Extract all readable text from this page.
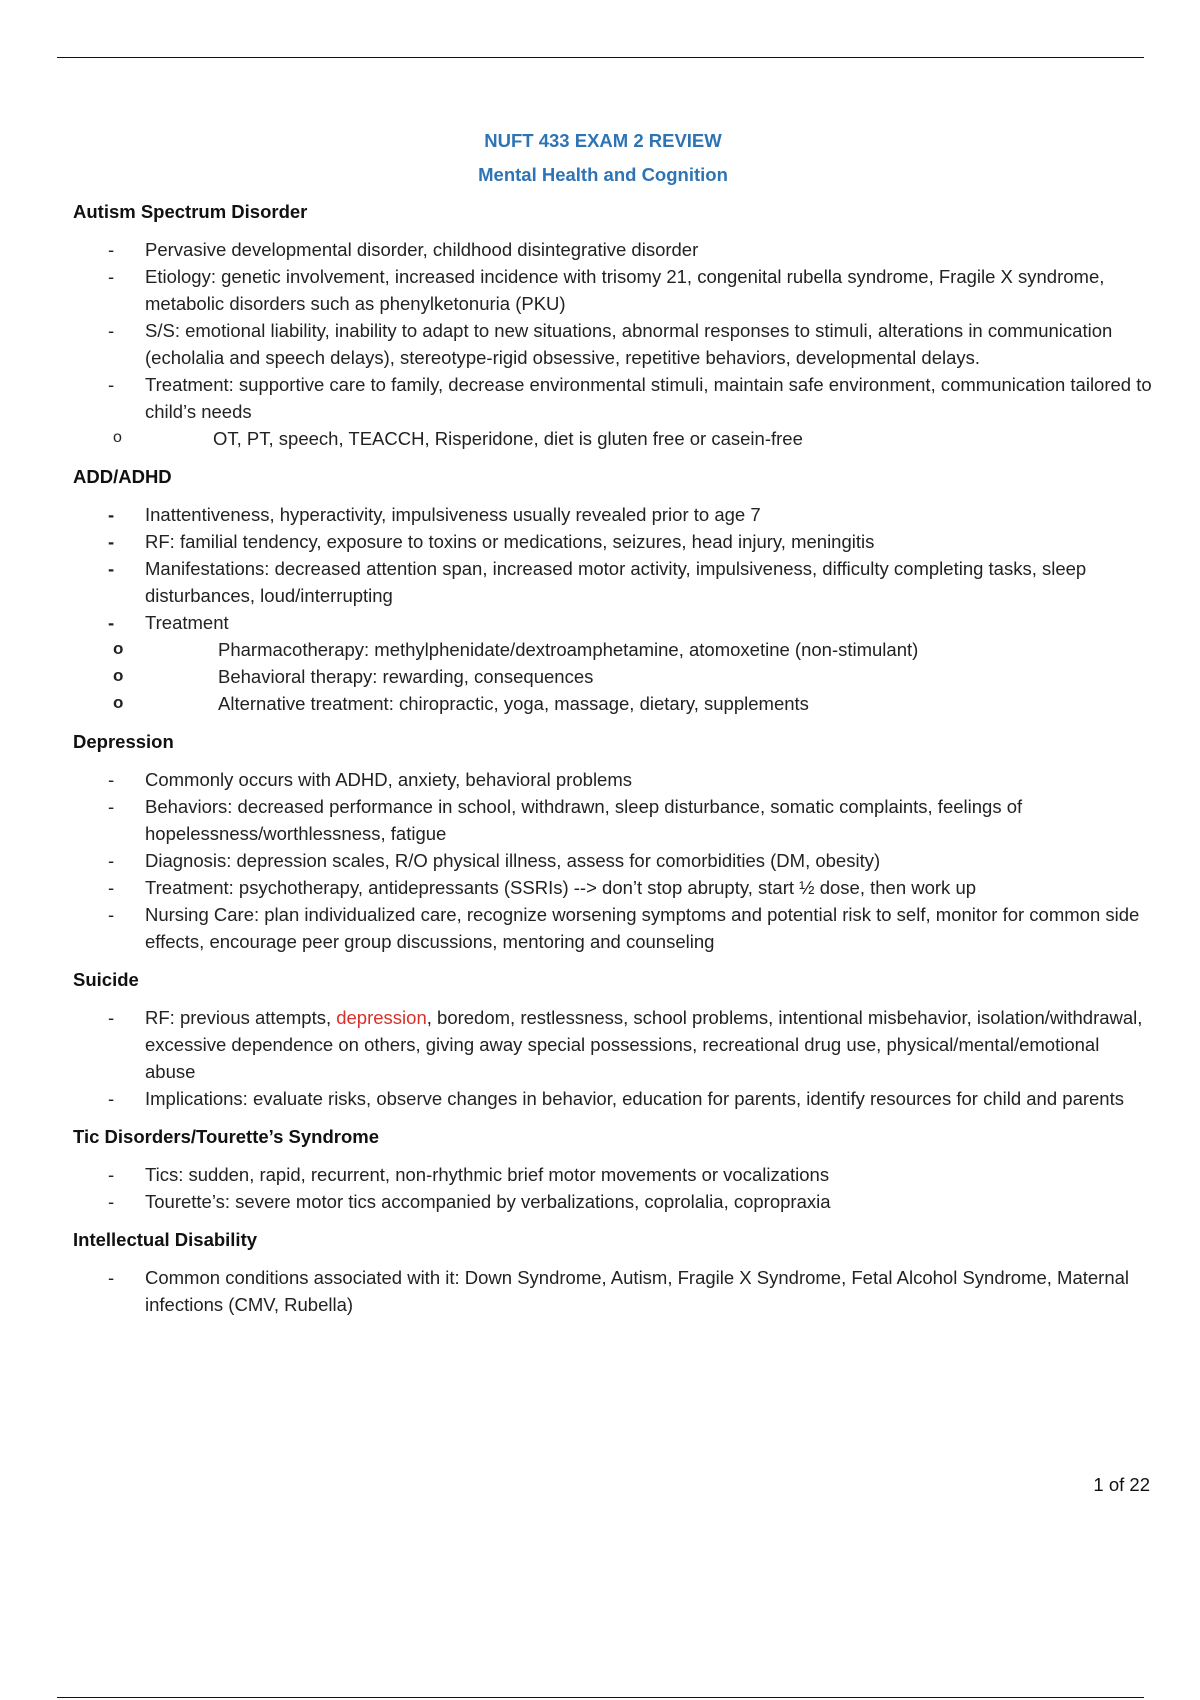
NUFT 433 EXAM 2 REVIEW
Mental Health and Cognition

Autism Spectrum Disorder

- Pervasive developmental disorder, childhood disintegrative disorder
- Etiology: genetic involvement, increased incidence with trisomy 21, congenital rubella syndrome, Fragile X syndrome, metabolic disorders such as phenylketonuria (PKU)
- S/S: emotional liability, inability to adapt to new situations, abnormal responses to stimuli, alterations in communication (echolalia and speech delays), stereotype-rigid obsessive, repetitive behaviors, developmental delays.
- Treatment: supportive care to family, decrease environmental stimuli, maintain safe environment, communication tailored to child’s needs
o OT, PT, speech, TEACCH, Risperidone, diet is gluten free or casein-free

ADD/ADHD

- Inattentiveness, hyperactivity, impulsiveness usually revealed prior to age 7
- RF: familial tendency, exposure to toxins or medications, seizures, head injury, meningitis
- Manifestations: decreased attention span, increased motor activity, impulsiveness, difficulty completing tasks, sleep disturbances, loud/interrupting
- Treatment
o Pharmacotherapy: methylphenidate/dextroamphetamine, atomoxetine (non-stimulant)
o Behavioral therapy: rewarding, consequences
o Alternative treatment: chiropractic, yoga, massage, dietary, supplements

Depression

- Commonly occurs with ADHD, anxiety, behavioral problems
- Behaviors: decreased performance in school, withdrawn, sleep disturbance, somatic complaints, feelings of hopelessness/worthlessness, fatigue
- Diagnosis: depression scales, R/O physical illness, assess for comorbidities (DM, obesity)
- Treatment: psychotherapy, antidepressants (SSRIs) --> don’t stop abrupty, start ½ dose, then work up
- Nursing Care: plan individualized care, recognize worsening symptoms and potential risk to self, monitor for common side effects, encourage peer group discussions, mentoring and counseling

Suicide

- RF: previous attempts, depression, boredom, restlessness, school problems, intentional misbehavior, isolation/withdrawal, excessive dependence on others, giving away special possessions, recreational drug use, physical/mental/emotional abuse
- Implications: evaluate risks, observe changes in behavior, education for parents, identify resources for child and parents

Tic Disorders/Tourette’s Syndrome

- Tics: sudden, rapid, recurrent, non-rhythmic brief motor movements or vocalizations
- Tourette’s: severe motor tics accompanied by verbalizations, coprolalia, copropraxia

Intellectual Disability

- Common conditions associated with it: Down Syndrome, Autism, Fragile X Syndrome, Fetal Alcohol Syndrome, Maternal infections (CMV, Rubella)
1 of 22
